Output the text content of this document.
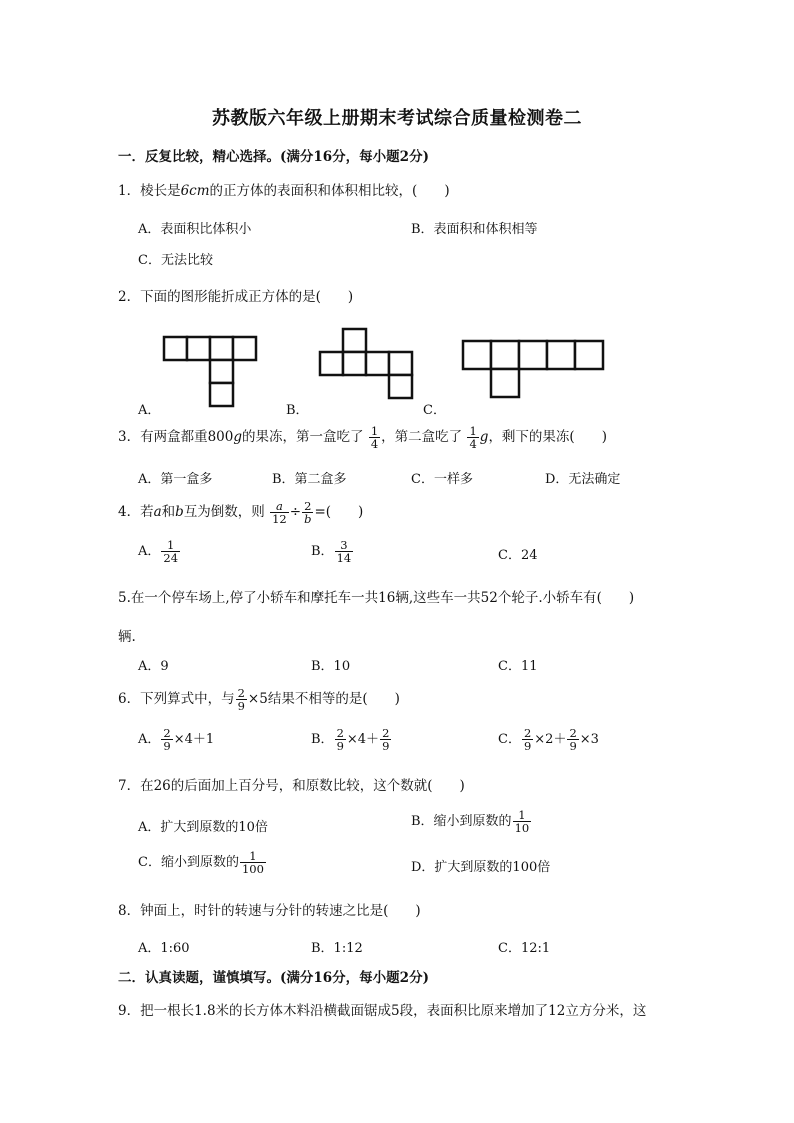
苏教版六年级上册期末考试综合质量检测卷二
一．反复比较，精心选择。(满分16分，每小题2分)
1．棱长是6cm的正方体的表面积和体积相比较，(　　)
A．表面积比体积小	B．表面积和体积相等
C．无法比较
2．下面的图形能折成正方体的是(　　)
A．	B．	C．
3．有两盒都重800g的果冻，第一盒吃了 $\frac{1}{4}$ ，第二盒吃了 $\frac{1}{4}$ g，剩下的果冻(　　)
A．第一盒多	B．第二盒多	C．一样多	D．无法确定
4．若a和b互为倒数，则 $\frac{a}{12} \div \frac{2}{b}$ =(　　)
A． $\frac{1}{24}$	B． $\frac{3}{14}$	C．24
5.在一个停车场上,停了小轿车和摩托车一共16辆,这些车一共52个轮子.小轿车有(　　)
辆.
A．9	B．10	C．11
6．下列算式中，与 $\frac{2}{9} \times 5$结果不相等的是(　　)
A． $\frac{2}{9} \times 4+1$	B． $\frac{2}{9} \times 4+ \frac{2}{9}$	C． $\frac{2}{9} \times 2+ \frac{2}{9} \times 3$
7．在26的后面加上百分号，和原数比较，这个数就(　　)
A．扩大到原数的10倍	B．缩小到原数的 $\frac{1}{10}$
C．缩小到原数的 $\frac{1}{100}$	D．扩大到原数的100倍
8．钟面上，时针的转速与分针的转速之比是(　　)
A．1:60	B．1:12	C．12:1
二．认真读题，谨慎填写。(满分16分，每小题2分)
9．把一根长1.8米的长方体木料沿横截面锯成5段，表面积比原来增加了12立方分米，这
